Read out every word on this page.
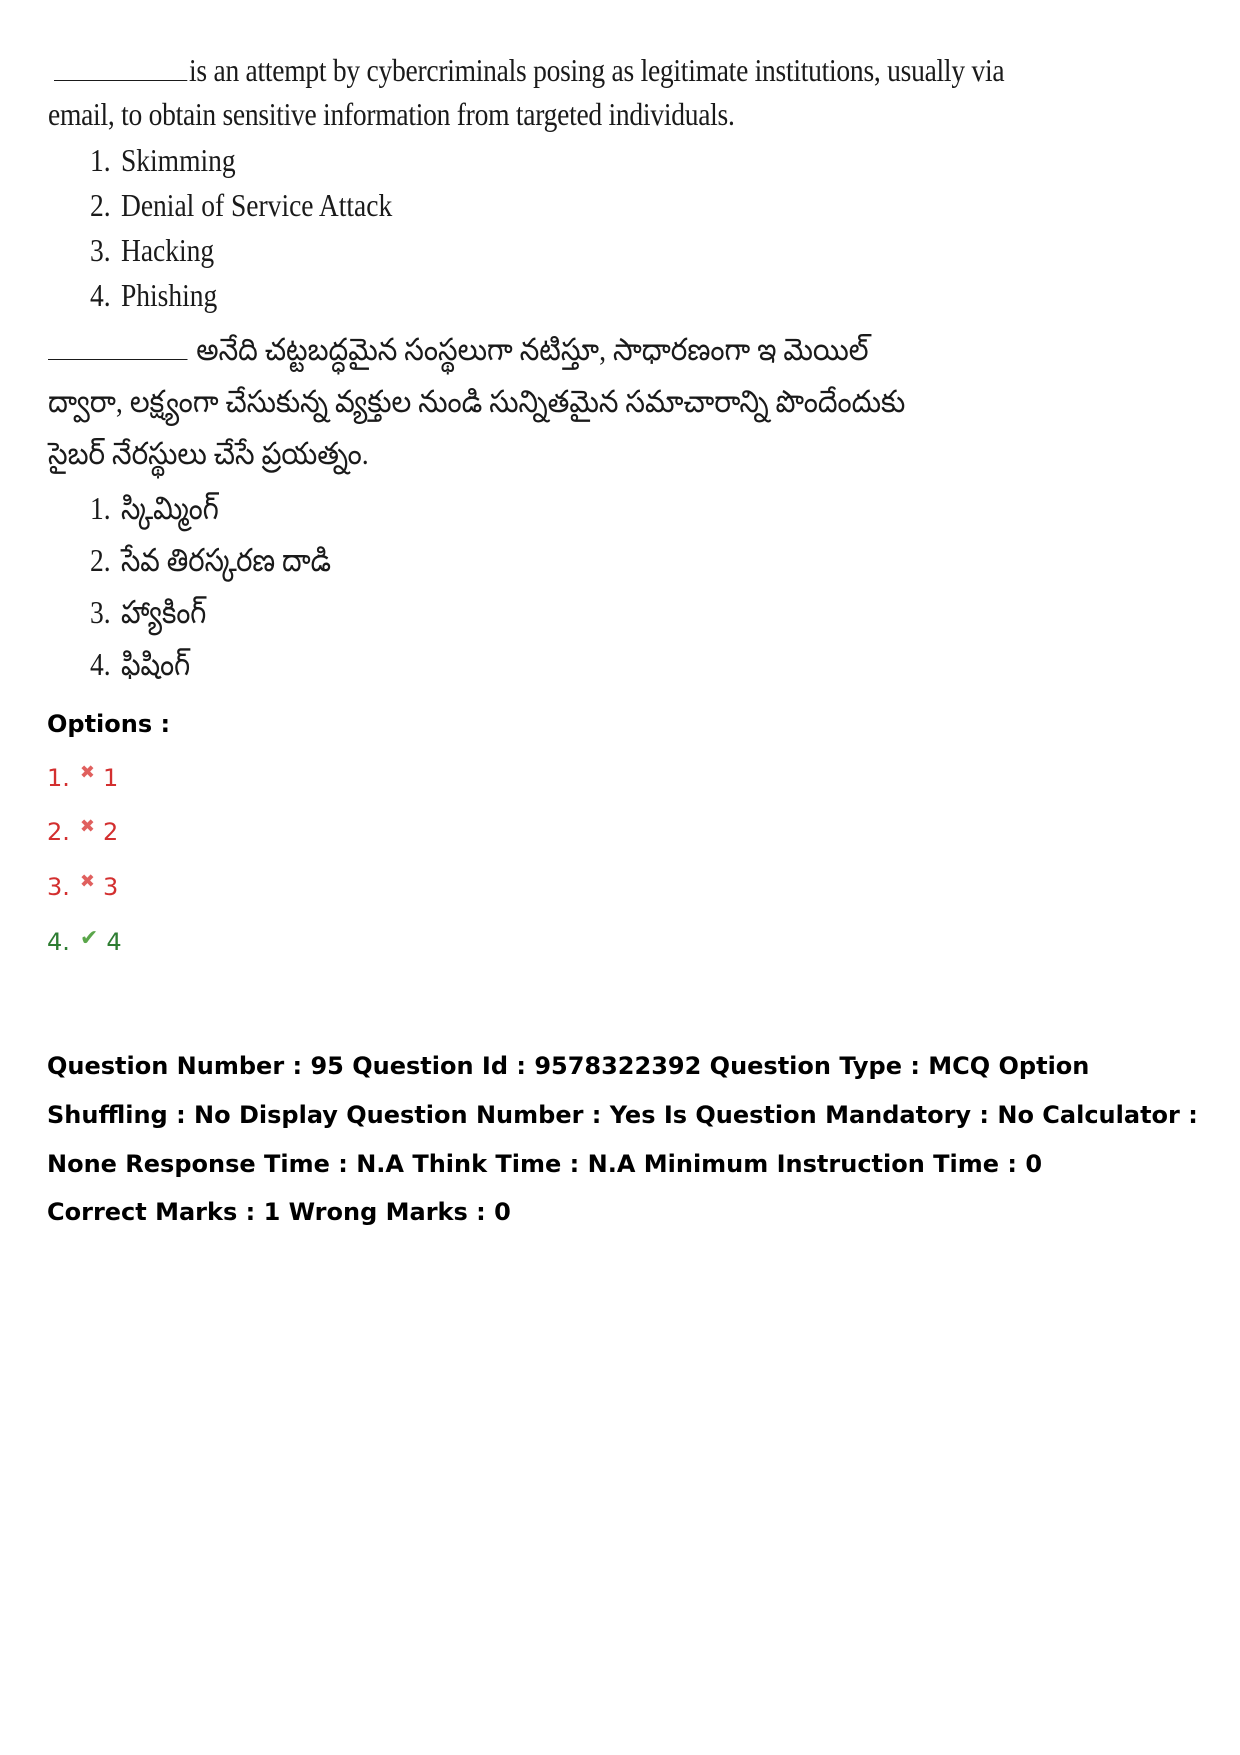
is an attempt by cybercriminals posing as legitimate institutions, usually via
email, to obtain sensitive information from targeted individuals.
1. Skimming
2. Denial of Service Attack
3. Hacking
4. Phishing
అనేది చట్టబద్ధమైన సంస్థలుగా నటిస్తూ, సాధారణంగా ఇ మెయిల్
ద్వారా, లక్ష్యంగా చేసుకున్న వ్యక్తుల నుండి సున్నితమైన సమాచారాన్ని పొందేందుకు
సైబర్ నేరస్థులు చేసే ప్రయత్నం.
1. స్కిమ్మింగ్
2. సేవ తిరస్కరణ దాడి
3. హ్యాకింగ్
4. ఫిషింగ్
Options :
1. ✖ 1
2. ✖ 2
3. ✖ 3
4. ✔ 4
Question Number : 95 Question Id : 9578322392 Question Type : MCQ Option Shuffling : No Display Question Number : Yes Is Question Mandatory : No Calculator : None Response Time : N.A Think Time : N.A Minimum Instruction Time : 0
Correct Marks : 1 Wrong Marks : 0
